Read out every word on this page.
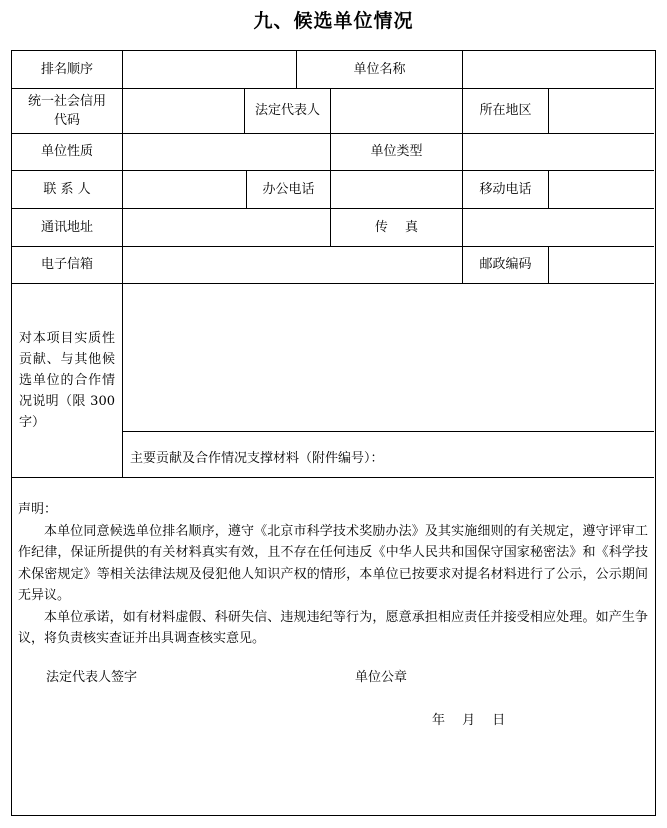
九、候选单位情况
排名顺序	单位名称
统一社会信用
代码
法定代表人	所在地区
单位性质	单位类型
联 系 人	办公电话	移动电话
通讯地址	传　 真
电子信箱	邮政编码
对本项目实质性贡献、与其他候选单位的合作情况说明（限 300 字）
主要贡献及合作情况支撑材料（附件编号）：

声明：

本单位同意候选单位排名顺序，遵守《北京市科学技术奖励办法》及其实施细则的有关规定，遵守评审工作纪律，保证所提供的有关材料真实有效，且不存在任何违反《中华人民共和国保守国家秘密法》和《科学技术保密规定》等相关法律法规及侵犯他人知识产权的情形，本单位已按要求对提名材料进行了公示，公示期间无异议。

本单位承诺，如有材料虚假、科研失信、违规违纪等行为，愿意承担相应责任并接受相应处理。如产生争议，将负责核实查证并出具调查核实意见。

法定代表人签字	单位公章
年　 月　 日
